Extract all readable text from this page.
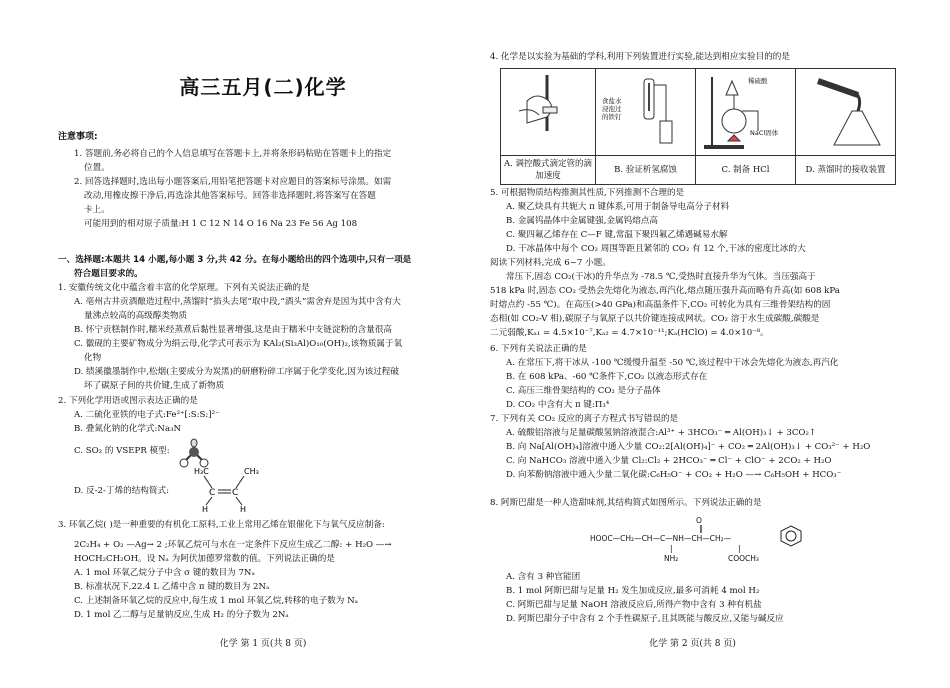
高三五月(二)化学
注意事项:
1. 答题前,务必将自己的个人信息填写在答题卡上,并将条形码粘贴在答题卡上的指定
位置。
2. 回答选择题时,选出每小题答案后,用铅笔把答题卡对应题目的答案标号涂黑。如需
改动,用橡皮擦干净后,再选涂其他答案标号。回答非选择题时,将答案写在答题
卡上。
可能用到的相对原子质量:H 1 C 12 N 14 O 16 Na 23 Fe 56 Ag 108
一、选择题:本题共 14 小题,每小题 3 分,共 42 分。在每小题给出的四个选项中,只有一项是
符合题目要求的。
1. 安徽传统文化中蕴含着丰富的化学原理。下列有关说法正确的是
A. 亳州古井贡酒酿造过程中,蒸馏时“掐头去尾”取中段,“酒头”需舍弃是因为其中含有大
量沸点较高的高级醇类物质
B. 怀宁贡糕制作时,糯米经蒸煮后黏性显著增强,这是由于糯米中支链淀粉的含量很高
C. 徽砚的主要矿物成分为绢云母,化学式可表示为 KAl₂(Si₃Al)O₁₀(OH)₂,该物质属于氧
化物
D. 绩溪徽墨制作中,松烟(主要成分为炭黑)的研磨粉碎工序属于化学变化,因为该过程破
坏了碳原子间的共价键,生成了新物质
2. 下列化学用语或图示表达正确的是
A. 二硫化亚铁的电子式:Fe²⁺[:S:S:]²⁻
B. 叠氮化钠的化学式:Na₃N
C. SO₂ 的 VSEPR 模型:
D. 反-2-丁烯的结构简式:
H₃C	CH₃
C C
H	H
3. 环氧乙烷( )是一种重要的有机化工原料,工业上常用乙烯在银催化下与氧气反应制备:
2C₂H₄ + O₂ —Ag→ 2 ;环氧乙烷可与水在一定条件下反应生成乙二醇: + H₂O —→
HOCH₂CH₂OH。设 Nₐ 为阿伏加德罗常数的值。下列说法正确的是
A. 1 mol 环氧乙烷分子中含 σ 键的数目为 7Nₐ
B. 标准状况下,22.4 L 乙烯中含 π 键的数目为 2Nₐ
C. 上述制备环氧乙烷的反应中,每生成 1 mol 环氧乙烷,转移的电子数为 Nₐ
D. 1 mol 乙二醇与足量钠反应,生成 H₂ 的分子数为 2Nₐ
化学 第 1 页(共 8 页)
4. 化学是以实验为基础的学科,利用下列装置进行实验,能达到相应实验目的的是

食盐水浸泡过的铁钉	稀硫酸
NaCl固体

A. 调控酸式滴定管的滴加速度	B. 验证析氢腐蚀	C. 制备 HCl	D. 蒸馏时的接收装置
5. 可根据物质结构推测其性质,下列推测不合理的是
A. 聚乙炔具有共轭大 π 键体系,可用于制备导电高分子材料
B. 金属钨晶体中金属键强,金属钨熔点高
C. 聚四氟乙烯存在 C—F 键,常温下聚四氟乙烯遇碱易水解
D. 干冰晶体中每个 CO₂ 周围等距且紧邻的 CO₂ 有 12 个,干冰的密度比冰的大
阅读下列材料,完成 6~7 小题。
常压下,固态 CO₂(干冰)的升华点为 -78.5 ℃,受热时直接升华为气体。当压强高于
518 kPa 时,固态 CO₂ 受热会先熔化为液态,再汽化,熔点随压强升高而略有升高(如 608 kPa
时熔点约 -55 ℃)。在高压(>40 GPa)和高温条件下,CO₂ 可转化为具有三维骨架结构的固
态相(如 CO₂-V 相),碳原子与氧原子以共价键连接成网状。CO₂ 溶于水生成碳酸,碳酸是
二元弱酸,Kₐ₁ = 4.5×10⁻⁷,Kₐ₂ = 4.7×10⁻¹¹;Kₐ(HClO) = 4.0×10⁻⁸。
6. 下列有关说法正确的是
A. 在常压下,将干冰从 -100 ℃缓慢升温至 -50 ℃,该过程中干冰会先熔化为液态,再汽化
B. 在 608 kPa、-60 ℃条件下,CO₂ 以液态形式存在
C. 高压三维骨架结构的 CO₂ 是分子晶体
D. CO₂ 中含有大 π 键:Π₃⁴
7. 下列有关 CO₂ 反应的离子方程式书写错误的是
A. 硫酸铝溶液与足量碳酸氢钠溶液混合:Al³⁺ + 3HCO₃⁻ ═ Al(OH)₃↓ + 3CO₂↑
B. 向 Na[Al(OH)₄]溶液中通入少量 CO₂:2[Al(OH)₄]⁻ + CO₂ ═ 2Al(OH)₃↓ + CO₃²⁻ + H₂O
C. 向 NaHCO₃ 溶液中通入少量 Cl₂:Cl₂ + 2HCO₃⁻ ═ Cl⁻ + ClO⁻ + 2CO₂ + H₂O
D. 向苯酚钠溶液中通入少量二氧化碳:C₆H₅O⁻ + CO₂ + H₂O —→ C₆H₅OH + HCO₃⁻
8. 阿斯巴甜是一种人造甜味剂,其结构简式如图所示。下列说法正确的是
O
‖
HOOC—CH₂—CH—C—NH—CH—CH₂—
|	|
NH₂	COOCH₃
A. 含有 3 种官能团
B. 1 mol 阿斯巴甜与足量 H₂ 发生加成反应,最多可消耗 4 mol H₂
C. 阿斯巴甜与足量 NaOH 溶液反应后,所得产物中含有 3 种有机盐
D. 阿斯巴甜分子中含有 2 个手性碳原子,且其既能与酸反应,又能与碱反应
化学 第 2 页(共 8 页)
